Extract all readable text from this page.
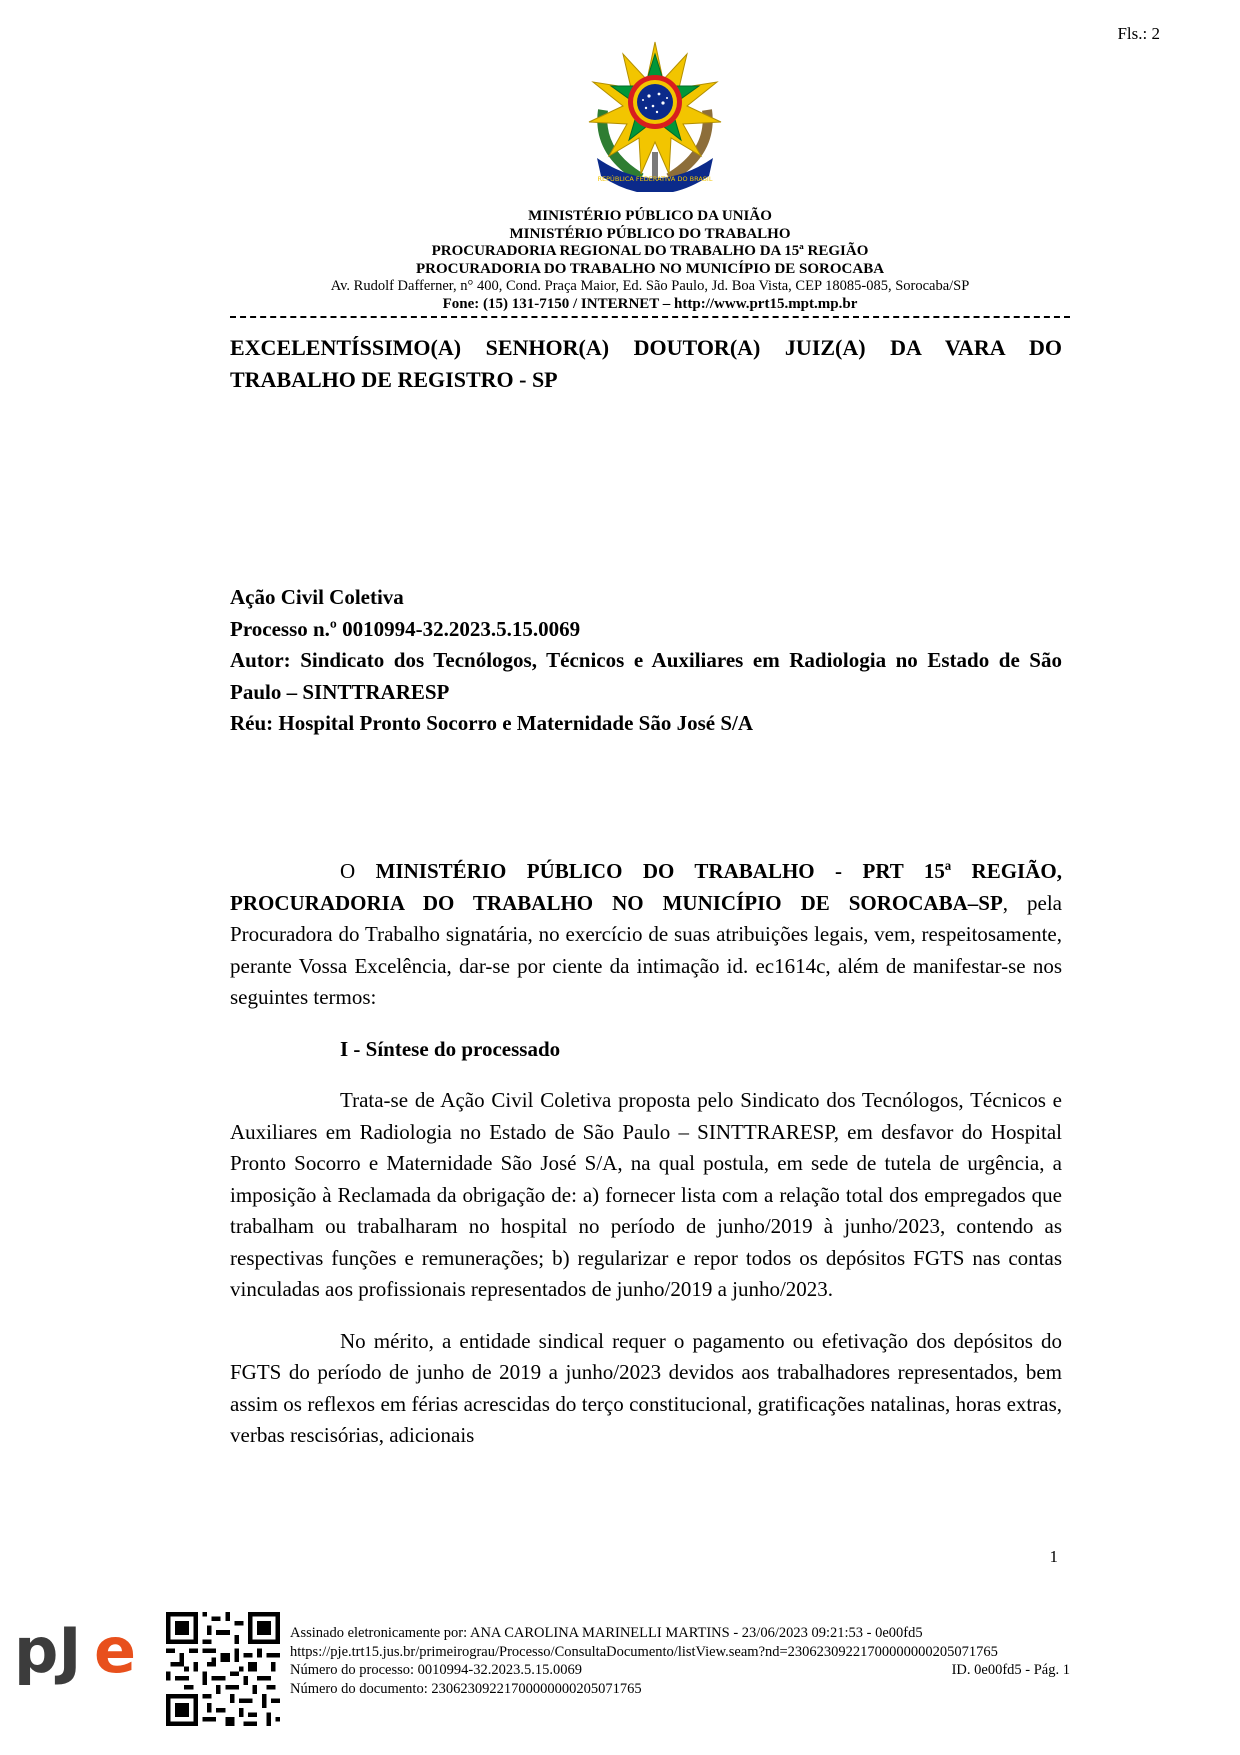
Fls.: 2
REPÚBLICA FEDERATIVA DO BRASIL
MINISTÉRIO PÚBLICO DA UNIÃO
MINISTÉRIO PÚBLICO DO TRABALHO
PROCURADORIA REGIONAL DO TRABALHO DA 15ª REGIÃO
PROCURADORIA DO TRABALHO NO MUNICÍPIO DE SOROCABA
Av. Rudolf Dafferner, n° 400, Cond. Praça Maior, Ed. São Paulo, Jd. Boa Vista, CEP 18085-085, Sorocaba/SP
Fone: (15) 131-7150 / INTERNET – http://www.prt15.mpt.mp.br
EXCELENTÍSSIMO(A) SENHOR(A) DOUTOR(A) JUIZ(A) DA VARA DO TRABALHO DE REGISTRO - SP
Ação Civil Coletiva
Processo n.º 0010994-32.2023.5.15.0069
Autor: Sindicato dos Tecnólogos, Técnicos e Auxiliares em Radiologia no Estado de São Paulo – SINTTRARESP
Réu: Hospital Pronto Socorro e Maternidade São José S/A

O MINISTÉRIO PÚBLICO DO TRABALHO - PRT 15ª REGIÃO, PROCURADORIA DO TRABALHO NO MUNICÍPIO DE SOROCABA–SP, pela Procuradora do Trabalho signatária, no exercício de suas atribuições legais, vem, respeitosamente, perante Vossa Excelência, dar-se por ciente da intimação id. ec1614c, além de manifestar-se nos seguintes termos:

I - Síntese do processado

Trata-se de Ação Civil Coletiva proposta pelo Sindicato dos Tecnólogos, Técnicos e Auxiliares em Radiologia no Estado de São Paulo – SINTTRARESP, em desfavor do Hospital Pronto Socorro e Maternidade São José S/A, na qual postula, em sede de tutela de urgência, a imposição à Reclamada da obrigação de: a) fornecer lista com a relação total dos empregados que trabalham ou trabalharam no hospital no período de junho/2019 à junho/2023, contendo as respectivas funções e remunerações; b) regularizar e repor todos os depósitos FGTS nas contas vinculadas aos profissionais representados de junho/2019 a junho/2023.

No mérito, a entidade sindical requer o pagamento ou efetivação dos depósitos do FGTS do período de junho de 2019 a junho/2023 devidos aos trabalhadores representados, bem assim os reflexos em férias acrescidas do terço constitucional, gratificações natalinas, horas extras, verbas rescisórias, adicionais

1
pJ e	Assinado eletronicamente por: ANA CAROLINA MARINELLI MARTINS - 23/06/2023 09:21:53 - 0e00fd5
https://pje.trt15.jus.br/primeirograu/Processo/ConsultaDocumento/listView.seam?nd=23062309221700000000205071765
Número do processo: 0010994-32.2023.5.15.0069	ID. 0e00fd5 - Pág. 1
Número do documento: 23062309221700000000205071765
